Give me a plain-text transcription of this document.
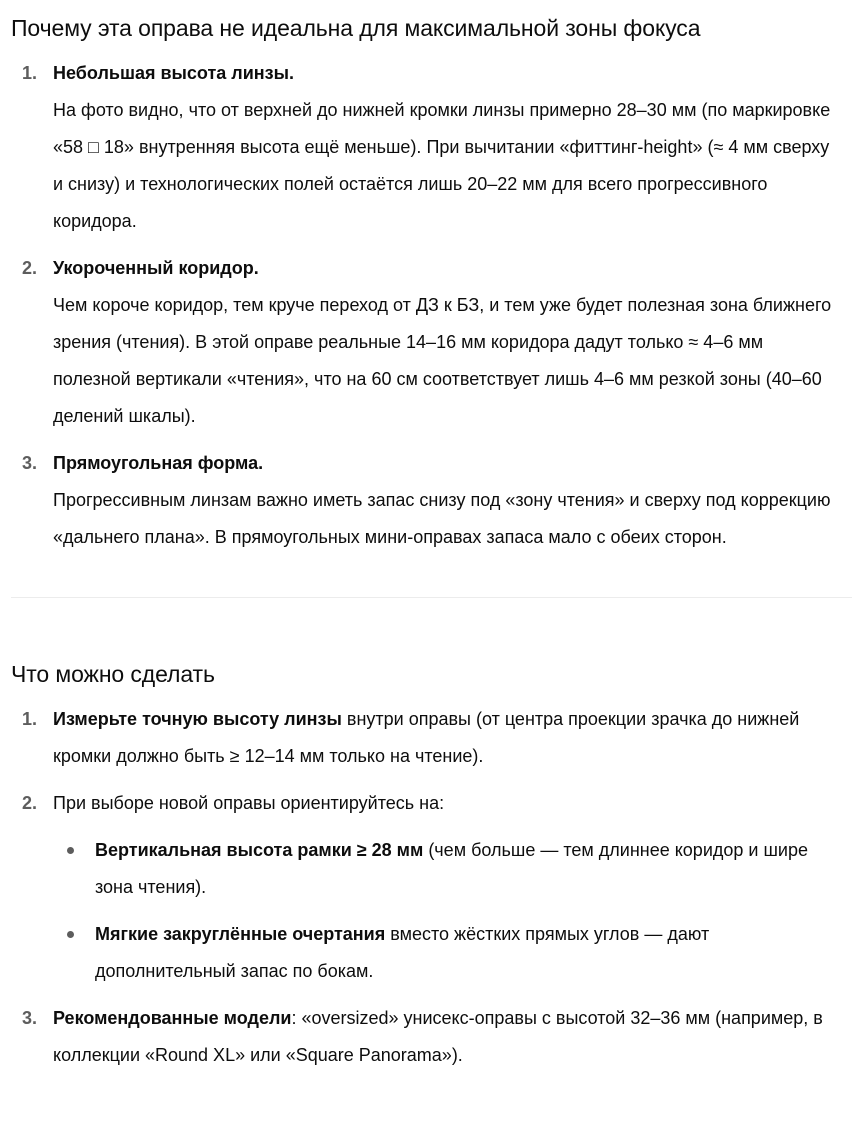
Почему эта оправа не идеальна для максимальной зоны фокуса
1. Небольшая высота линзы.
На фото видно, что от верхней до нижней кромки линзы примерно 28–30 мм (по маркировке «58 □ 18» внутренняя высота ещё меньше). При вычитании «фиттинг-height» (≈ 4 мм сверху и снизу) и технологических полей остаётся лишь 20–22 мм для всего прогрессивного коридора.
2. Укороченный коридор.
Чем короче коридор, тем круче переход от ДЗ к БЗ, и тем уже будет полезная зона ближнего зрения (чтения). В этой оправе реальные 14–16 мм коридора дадут только ≈ 4–6 мм полезной вертикали «чтения», что на 60 см соответствует лишь 4–6 мм резкой зоны (40–60 делений шкалы).
3. Прямоугольная форма.
Прогрессивным линзам важно иметь запас снизу под «зону чтения» и сверху под коррекцию «дальнего плана». В прямоугольных мини-оправах запаса мало с обеих сторон.
Что можно сделать
1. Измерьте точную высоту линзы внутри оправы (от центра проекции зрачка до нижней кромки должно быть ≥ 12–14 мм только на чтение).
2. При выборе новой оправы ориентируйтесь на:
Вертикальная высота рамки ≥ 28 мм (чем больше — тем длиннее коридор и шире зона чтения).
Мягкие закруглённые очертания вместо жёстких прямых углов — дают дополнительный запас по бокам.
3. Рекомендованные модели: «oversized» унисекс-оправы с высотой 32–36 мм (например, в коллекции «Round XL» или «Square Panorama»).
